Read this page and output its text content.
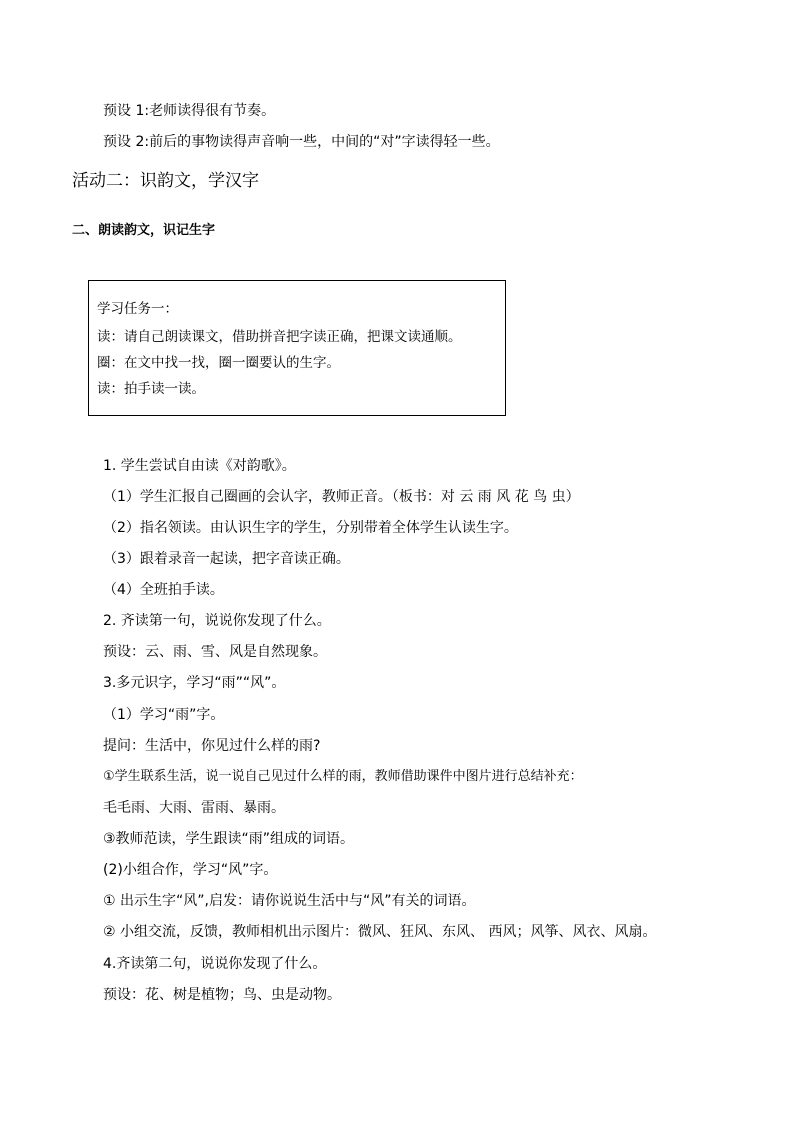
预设 1:老师读得很有节奏。
预设 2:前后的事物读得声音响一些，中间的“对”字读得轻一些。
活动二：识韵文，学汉字
二、朗读韵文，识记生字
学习任务一：
读：请自己朗读课文，借助拼音把字读正确，把课文读通顺。
圈：在文中找一找，圈一圈要认的生字。
读：拍手读一读。
1. 学生尝试自由读《对韵歌》。
（1）学生汇报自己圈画的会认字，教师正音。（板书：对 云 雨 风 花 鸟 虫）
（2）指名领读。由认识生字的学生，分别带着全体学生认读生字。
（3）跟着录音一起读，把字音读正确。
（4）全班拍手读。
2. 齐读第一句，说说你发现了什么。
预设：云、雨、雪、风是自然现象。
3.多元识字，学习“雨”“风”。
（1）学习“雨”字。
提问：生活中，你见过什么样的雨?
①学生联系生活，说一说自己见过什么样的雨，教师借助课件中图片进行总结补充：
毛毛雨、大雨、雷雨、暴雨。
③教师范读，学生跟读“雨”组成的词语。
(2)小组合作，学习“风”字。
① 出示生字“风”,启发：请你说说生活中与“风”有关的词语。
② 小组交流，反馈，教师相机出示图片：微风、狂风、东风、 西风；风筝、风衣、风扇。
4.齐读第二句，说说你发现了什么。
预设：花、树是植物；鸟、虫是动物。
